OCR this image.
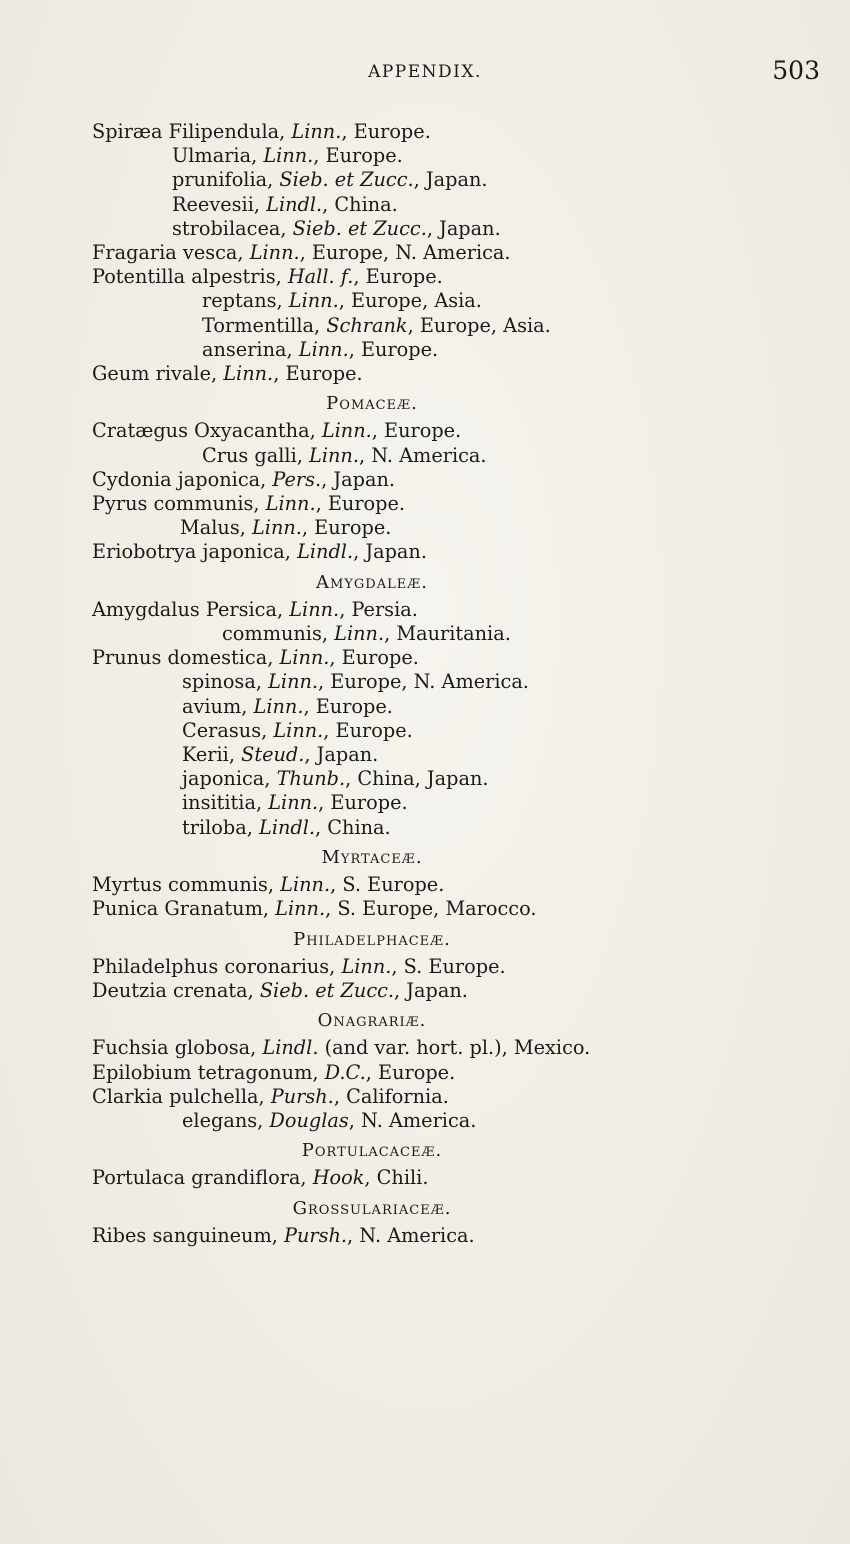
APPENDIX.	503
Spiræa Filipendula, Linn., Europe.
Ulmaria, Linn., Europe.
prunifolia, Sieb. et Zucc., Japan.
Reevesii, Lindl., China.
strobilacea, Sieb. et Zucc., Japan.
Fragaria vesca, Linn., Europe, N. America.
Potentilla alpestris, Hall. f., Europe.
reptans, Linn., Europe, Asia.
Tormentilla, Schrank, Europe, Asia.
anserina, Linn., Europe.
Geum rivale, Linn., Europe.
Pomaceæ.
Cratægus Oxyacantha, Linn., Europe.
Crus galli, Linn., N. America.
Cydonia japonica, Pers., Japan.
Pyrus communis, Linn., Europe.
Malus, Linn., Europe.
Eriobotrya japonica, Lindl., Japan.
Amygdaleæ.
Amygdalus Persica, Linn., Persia.
communis, Linn., Mauritania.
Prunus domestica, Linn., Europe.
spinosa, Linn., Europe, N. America.
avium, Linn., Europe.
Cerasus, Linn., Europe.
Kerii, Steud., Japan.
japonica, Thunb., China, Japan.
insititia, Linn., Europe.
triloba, Lindl., China.
Myrtaceæ.
Myrtus communis, Linn., S. Europe.
Punica Granatum, Linn., S. Europe, Marocco.
Philadelphaceæ.
Philadelphus coronarius, Linn., S. Europe.
Deutzia crenata, Sieb. et Zucc., Japan.
Onagrariæ.
Fuchsia globosa, Lindl. (and var. hort. pl.), Mexico.
Epilobium tetragonum, D.C., Europe.
Clarkia pulchella, Pursh., California.
elegans, Douglas, N. America.
Portulacaceæ.
Portulaca grandiflora, Hook, Chili.
Grossulariaceæ.
Ribes sanguineum, Pursh., N. America.
